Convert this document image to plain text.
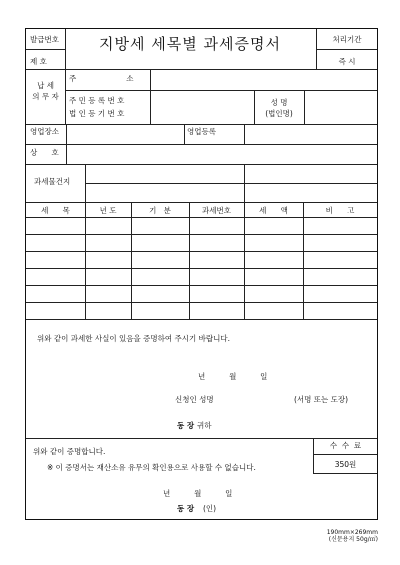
발급번호
제 호
지방세 세목별 과세증명서	처리기간
즉 시
납 세
의 무 자
주                     소
주 민 등 록 번 호
법 인 등 기 번 호
성 명
(법인명)
영업장소	영업등록
상      호
과세물건지
세      목	년 도	기   분	과세번호	세      액	비      고
위와 같이 과세한 사실이 있음을 증명하여 주시기 바랍니다.
년          월          일
신청인 성명	(서명 또는 도장)
동 장 귀하
위와 같이 증명합니다.
※ 이 증명서는 재산소유 유무의 확인용으로 사용할 수 없습니다.
수  수  료
350원
년          월          일
동 장 (인)
190mm×269mm
(신문용지 50g/㎡)
